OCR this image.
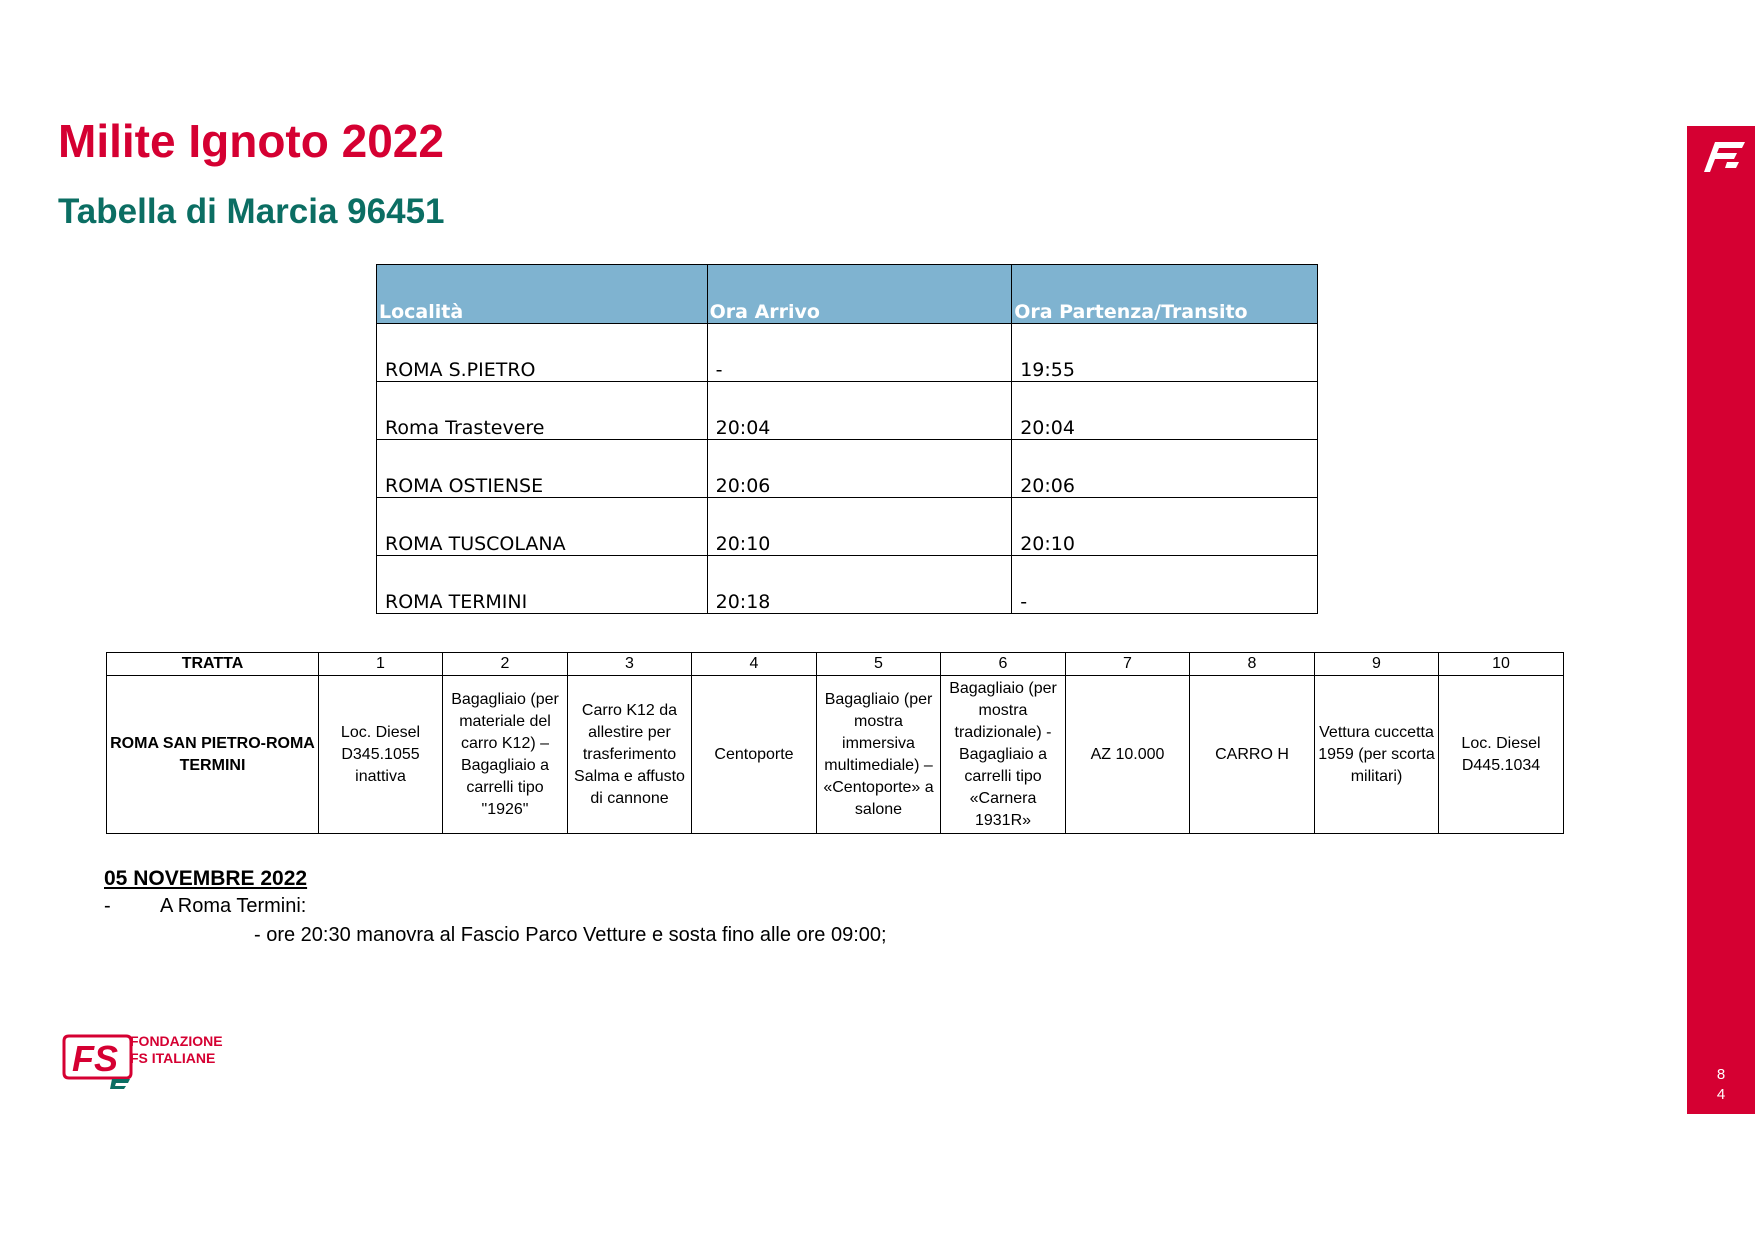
Milite Ignoto 2022
Tabella di Marcia 96451
8
4
Località	Ora Arrivo	Ora Partenza/Transito
ROMA S.PIETRO	-	19:55
Roma Trastevere	20:04	20:04
ROMA OSTIENSE	20:06	20:06
ROMA TUSCOLANA	20:10	20:10
ROMA TERMINI	20:18	-
TRATTA	1	2	3	4	5	6	7	8	9	10
ROMA SAN PIETRO-ROMA TERMINI	Loc. Diesel D345.1055 inattiva	Bagagliaio (per materiale del carro K12) – Bagagliaio a carrelli tipo "1926"	Carro K12 da allestire per trasferimento Salma e affusto di cannone	Centoporte	Bagagliaio (per mostra immersiva multimediale) – «Centoporte» a salone	Bagagliaio (per mostra tradizionale) - Bagagliaio a carrelli tipo «Carnera 1931R»	AZ 10.000	CARRO H	Vettura cuccetta 1959 (per scorta militari)	Loc. Diesel D445.1034
05 NOVEMBRE 2022
- A Roma Termini:
- ore 20:30 manovra al Fascio Parco Vetture e sosta fino alle ore 09:00;
FS FONDAZIONE
FS ITALIANE
